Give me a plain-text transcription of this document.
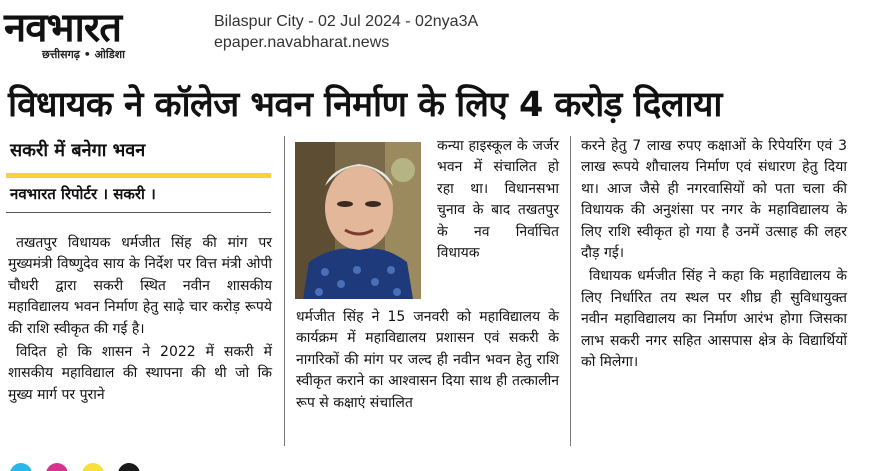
नवभारत
छत्तीसगढ़ • ओडिशा
Bilaspur City - 02 Jul 2024 - 02nya3A
epaper.navabharat.news
विधायक ने कॉलेज भवन निर्माण के लिए 4 करोड़ दिलाया
सकरी में बनेगा भवन
नवभारत रिपोर्टर । सकरी ।

तखतपुर विधायक धर्मजीत सिंह की मांग पर मुख्यमंत्री विष्णुदेव साय के निर्देश पर वित्त मंत्री ओपी चौधरी द्वारा सकरी स्थित नवीन शासकीय महाविद्यालय भवन निर्माण हेतु साढ़े चार करोड़ रूपये की राशि स्वीकृत की गई है।

विदित हो कि शासन ने 2022 में सकरी में शासकीय महाविद्याल की स्थापना की थी जो कि मुख्य मार्ग पर पुराने

कन्या हाइस्कूल के जर्जर भवन में संचालित हो रहा था। विधानसभा चुनाव के बाद तखतपुर के नव निर्वाचित विधायक

धर्मजीत सिंह ने 15 जनवरी को महाविद्यालय के कार्यक्रम में महाविद्यालय प्रशासन एवं सकरी के नागरिकों की मांग पर जल्द ही नवीन भवन हेतु राशि स्वीकृत कराने का आश्वासन दिया साथ ही तत्कालीन रूप से कक्षाएं संचालित

करने हेतु 7 लाख रुपए कक्षाओं के रिपेयरिंग एवं 3 लाख रूपये शौचालय निर्माण एवं संधारण हेतु दिया था। आज जैसे ही नगरवासियों को पता चला की विधायक की अनुशंसा पर नगर के महाविद्यालय के लिए राशि स्वीकृत हो गया है उनमें उत्साह की लहर दौड़ गई।

विधायक धर्मजीत सिंह ने कहा कि महाविद्यालय के लिए निर्धारित तय स्थल पर शीघ्र ही सुविधायुक्त नवीन महाविद्यालय का निर्माण आरंभ होगा जिसका लाभ सकरी नगर सहित आसपास क्षेत्र के विद्यार्थियों को मिलेगा।
